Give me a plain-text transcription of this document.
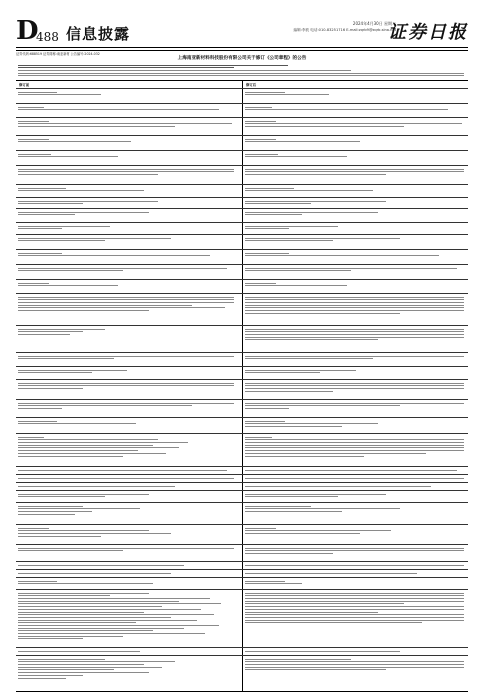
D
488 信息披露
2024年4月30日 星期二
编辑:李波 电话:010-83251716 E-mail:zqrb9@zqrb.sina.net
证券日报
证券代码:688519 证券简称:南亚新材 公告编号:2024-032
上海南亚新材料科技股份有限公司关于修订《公司章程》的公告
修订前	修订后
